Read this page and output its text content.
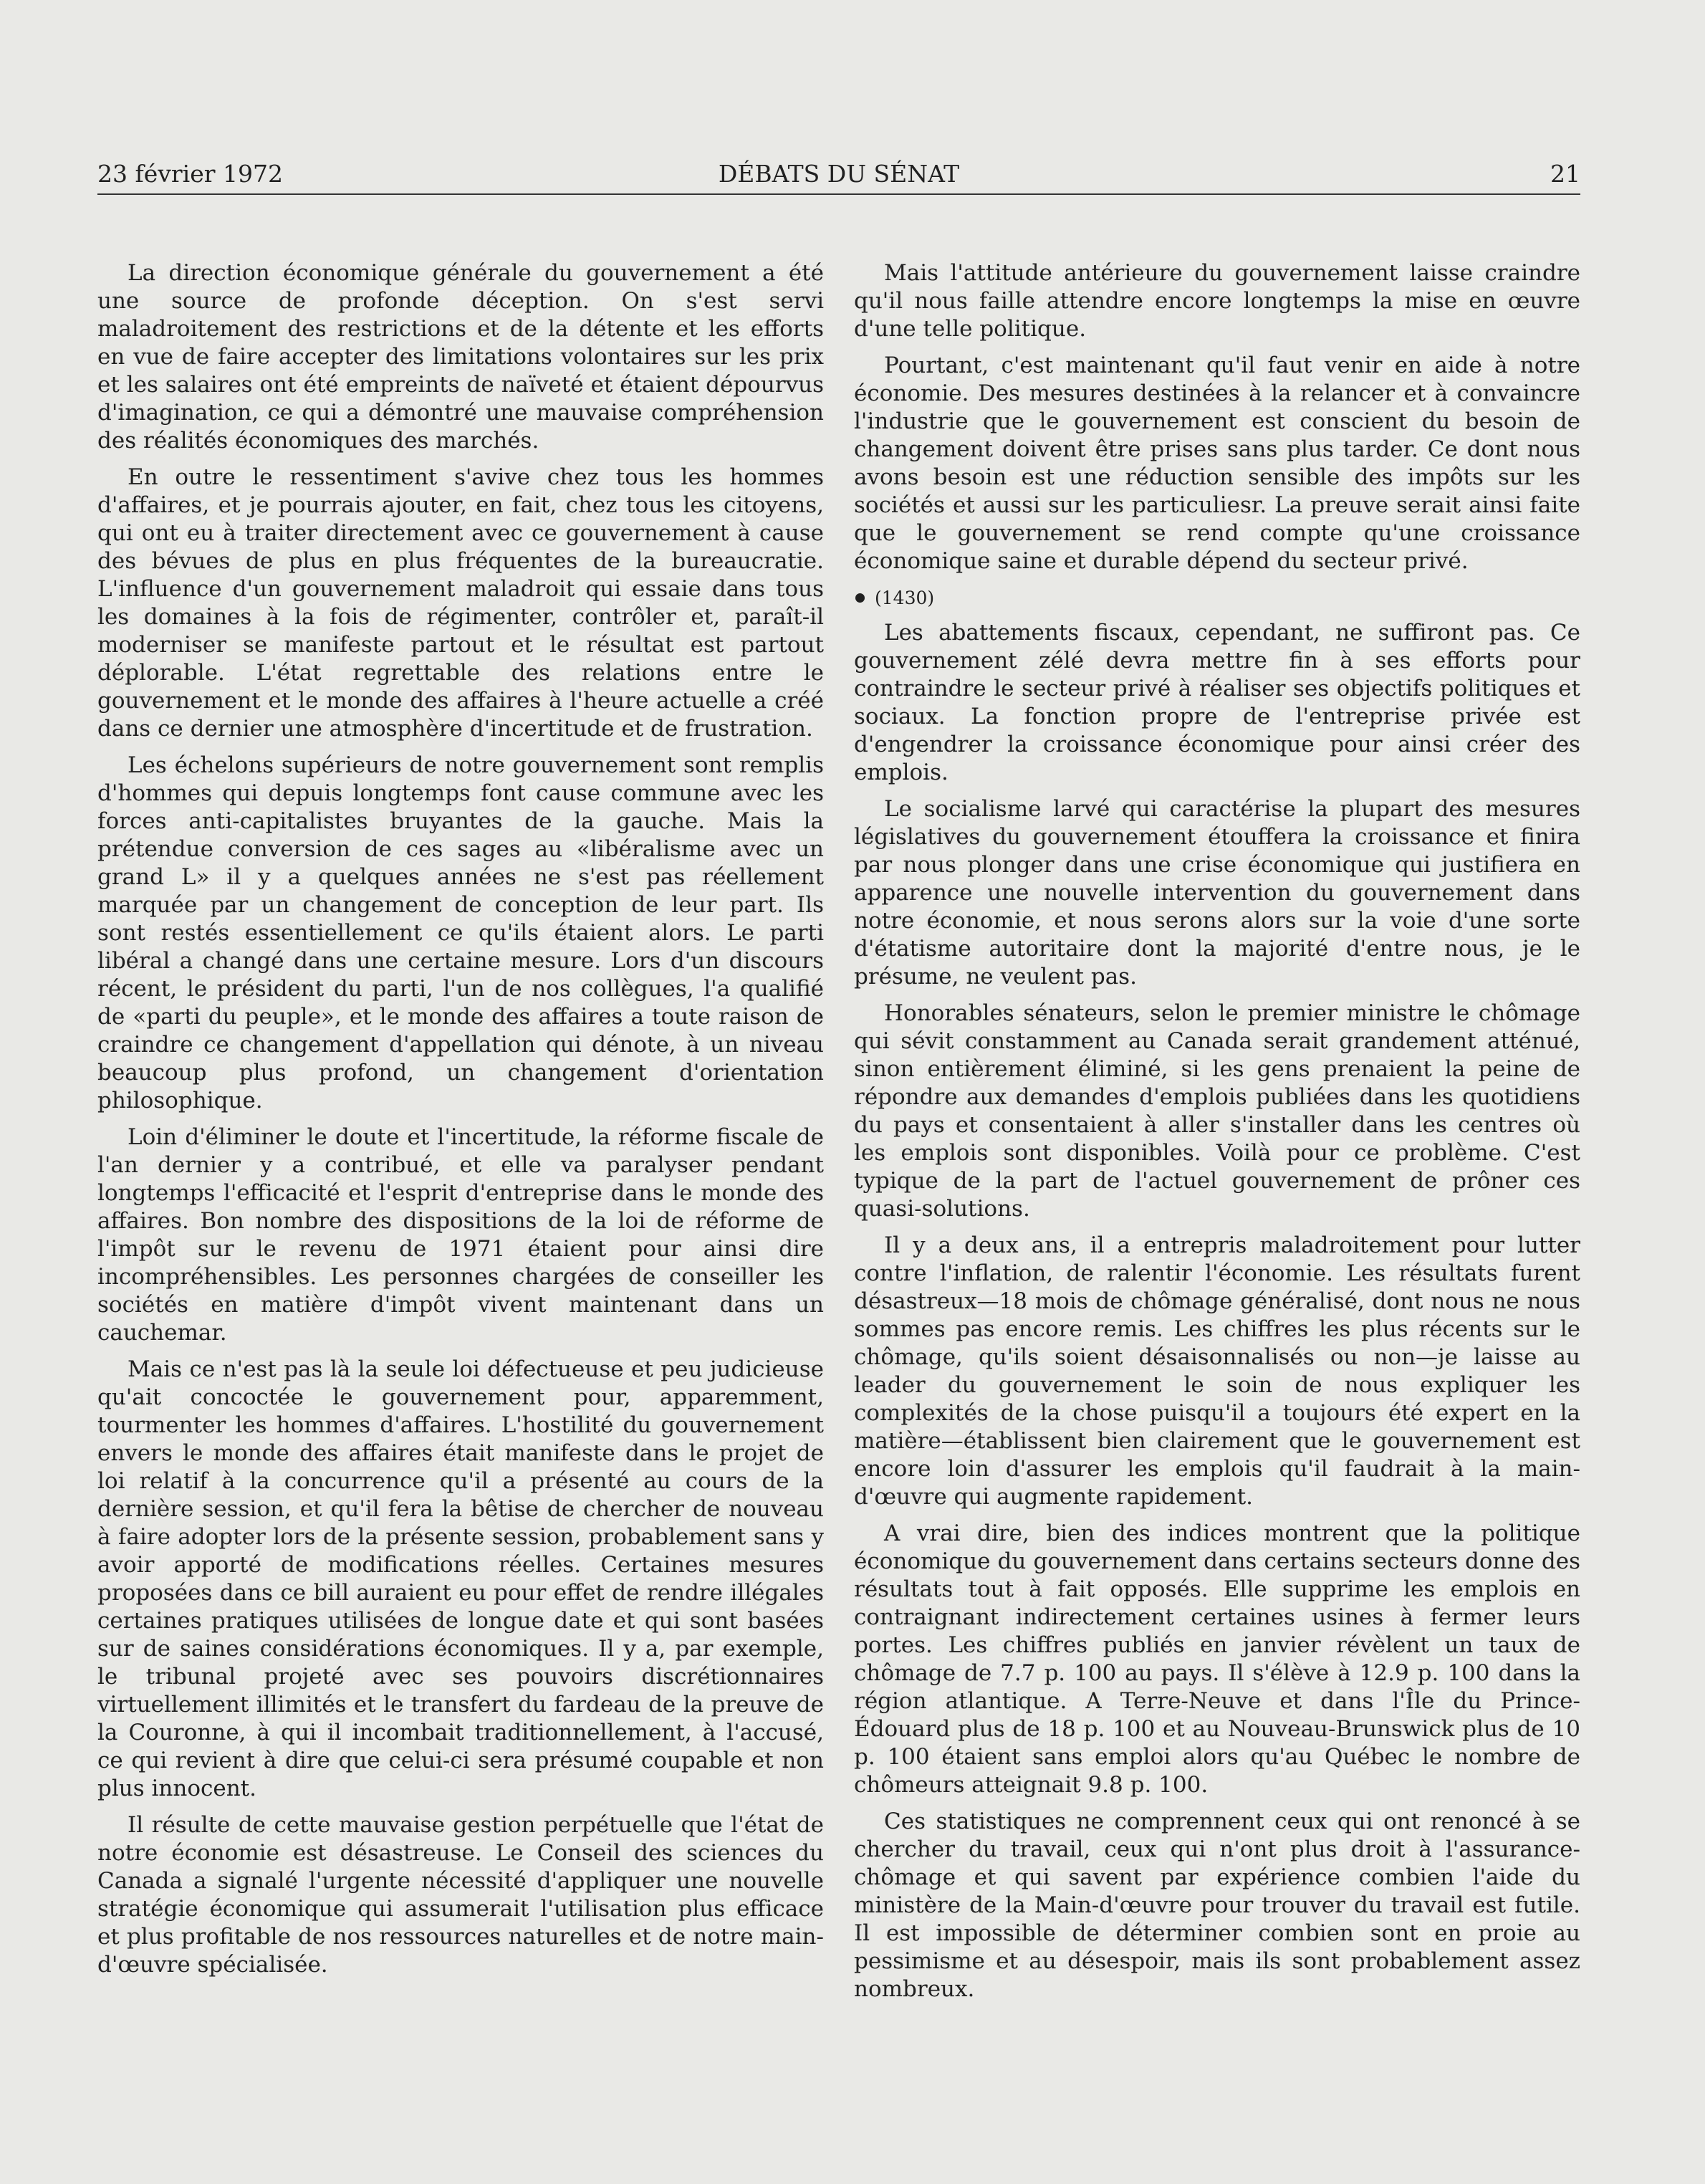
23 février 1972	DÉBATS DU SÉNAT	21

La direction économique générale du gouvernement a été une source de profonde déception. On s'est servi maladroitement des restrictions et de la détente et les efforts en vue de faire accepter des limitations volontaires sur les prix et les salaires ont été empreints de naïveté et étaient dépourvus d'imagination, ce qui a démontré une mauvaise compréhension des réalités économiques des marchés.

En outre le ressentiment s'avive chez tous les hommes d'affaires, et je pourrais ajouter, en fait, chez tous les citoyens, qui ont eu à traiter directement avec ce gouvernement à cause des bévues de plus en plus fréquentes de la bureaucratie. L'influence d'un gouvernement maladroit qui essaie dans tous les domaines à la fois de régimenter, contrôler et, paraît-il moderniser se manifeste partout et le résultat est partout déplorable. L'état regrettable des relations entre le gouvernement et le monde des affaires à l'heure actuelle a créé dans ce dernier une atmosphère d'incertitude et de frustration.

Les échelons supérieurs de notre gouvernement sont remplis d'hommes qui depuis longtemps font cause commune avec les forces anti-capitalistes bruyantes de la gauche. Mais la prétendue conversion de ces sages au «libéralisme avec un grand L» il y a quelques années ne s'est pas réellement marquée par un changement de conception de leur part. Ils sont restés essentiellement ce qu'ils étaient alors. Le parti libéral a changé dans une certaine mesure. Lors d'un discours récent, le président du parti, l'un de nos collègues, l'a qualifié de «parti du peuple», et le monde des affaires a toute raison de craindre ce changement d'appellation qui dénote, à un niveau beaucoup plus profond, un changement d'orientation philosophique.

Loin d'éliminer le doute et l'incertitude, la réforme fiscale de l'an dernier y a contribué, et elle va paralyser pendant longtemps l'efficacité et l'esprit d'entreprise dans le monde des affaires. Bon nombre des dispositions de la loi de réforme de l'impôt sur le revenu de 1971 étaient pour ainsi dire incompréhensibles. Les personnes chargées de conseiller les sociétés en matière d'impôt vivent maintenant dans un cauchemar.

Mais ce n'est pas là la seule loi défectueuse et peu judicieuse qu'ait concoctée le gouvernement pour, apparemment, tourmenter les hommes d'affaires. L'hostilité du gouvernement envers le monde des affaires était manifeste dans le projet de loi relatif à la concurrence qu'il a présenté au cours de la dernière session, et qu'il fera la bêtise de chercher de nouveau à faire adopter lors de la présente session, probablement sans y avoir apporté de modifications réelles. Certaines mesures proposées dans ce bill auraient eu pour effet de rendre illégales certaines pratiques utilisées de longue date et qui sont basées sur de saines considérations économiques. Il y a, par exemple, le tribunal projeté avec ses pouvoirs discrétionnaires virtuellement illimités et le transfert du fardeau de la preuve de la Couronne, à qui il incombait traditionnellement, à l'accusé, ce qui revient à dire que celui-ci sera présumé coupable et non plus innocent.

Il résulte de cette mauvaise gestion perpétuelle que l'état de notre économie est désastreuse. Le Conseil des sciences du Canada a signalé l'urgente nécessité d'appliquer une nouvelle stratégie économique qui assumerait l'utilisation plus efficace et plus profitable de nos ressources naturelles et de notre main-d'œuvre spécialisée.

Mais l'attitude antérieure du gouvernement laisse craindre qu'il nous faille attendre encore longtemps la mise en œuvre d'une telle politique.

Pourtant, c'est maintenant qu'il faut venir en aide à notre économie. Des mesures destinées à la relancer et à convaincre l'industrie que le gouvernement est conscient du besoin de changement doivent être prises sans plus tarder. Ce dont nous avons besoin est une réduction sensible des impôts sur les sociétés et aussi sur les particuliesr. La preuve serait ainsi faite que le gouvernement se rend compte qu'une croissance économique saine et durable dépend du secteur privé.

(1430)

Les abattements fiscaux, cependant, ne suffiront pas. Ce gouvernement zélé devra mettre fin à ses efforts pour contraindre le secteur privé à réaliser ses objectifs politiques et sociaux. La fonction propre de l'entreprise privée est d'engendrer la croissance économique pour ainsi créer des emplois.

Le socialisme larvé qui caractérise la plupart des mesures législatives du gouvernement étouffera la croissance et finira par nous plonger dans une crise économique qui justifiera en apparence une nouvelle intervention du gouvernement dans notre économie, et nous serons alors sur la voie d'une sorte d'étatisme autoritaire dont la majorité d'entre nous, je le présume, ne veulent pas.

Honorables sénateurs, selon le premier ministre le chômage qui sévit constamment au Canada serait grandement atténué, sinon entièrement éliminé, si les gens prenaient la peine de répondre aux demandes d'emplois publiées dans les quotidiens du pays et consentaient à aller s'installer dans les centres où les emplois sont disponibles. Voilà pour ce problème. C'est typique de la part de l'actuel gouvernement de prôner ces quasi-solutions.

Il y a deux ans, il a entrepris maladroitement pour lutter contre l'inflation, de ralentir l'économie. Les résultats furent désastreux—18 mois de chômage généralisé, dont nous ne nous sommes pas encore remis. Les chiffres les plus récents sur le chômage, qu'ils soient désaisonnalisés ou non—je laisse au leader du gouvernement le soin de nous expliquer les complexités de la chose puisqu'il a toujours été expert en la matière—établissent bien clairement que le gouvernement est encore loin d'assurer les emplois qu'il faudrait à la main-d'œuvre qui augmente rapidement.

A vrai dire, bien des indices montrent que la politique économique du gouvernement dans certains secteurs donne des résultats tout à fait opposés. Elle supprime les emplois en contraignant indirectement certaines usines à fermer leurs portes. Les chiffres publiés en janvier révèlent un taux de chômage de 7.7 p. 100 au pays. Il s'élève à 12.9 p. 100 dans la région atlantique. A Terre-Neuve et dans l'Île du Prince-Édouard plus de 18 p. 100 et au Nouveau-Brunswick plus de 10 p. 100 étaient sans emploi alors qu'au Québec le nombre de chômeurs atteignait 9.8 p. 100.

Ces statistiques ne comprennent ceux qui ont renoncé à se chercher du travail, ceux qui n'ont plus droit à l'assurance-chômage et qui savent par expérience combien l'aide du ministère de la Main-d'œuvre pour trouver du travail est futile. Il est impossible de déterminer combien sont en proie au pessimisme et au désespoir, mais ils sont probablement assez nombreux.
